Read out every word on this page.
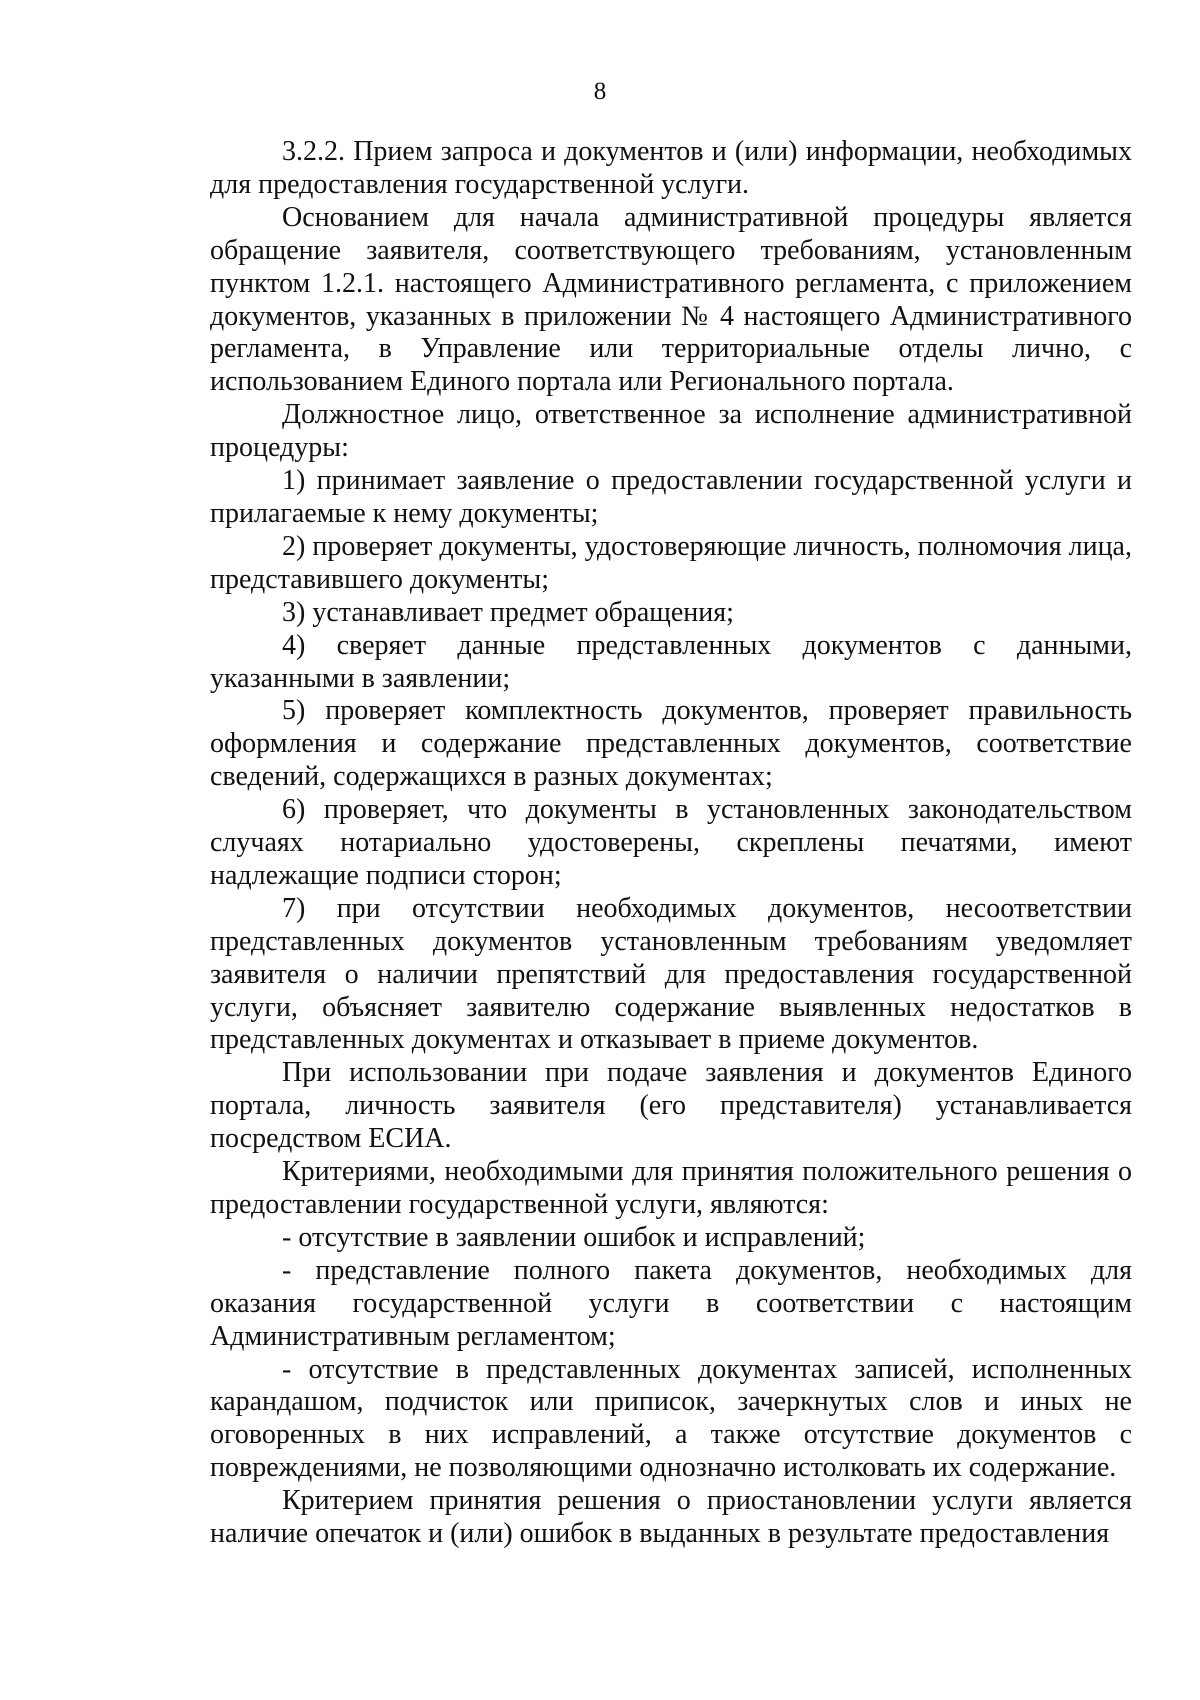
8

3.2.2. Прием запроса и документов и (или) информации, необходимых для предоставления государственной услуги.

Основанием для начала административной процедуры является обращение заявителя, соответствующего требованиям, установленным пунктом 1.2.1. настоящего Административного регламента, с приложением документов, указанных в приложении № 4 настоящего Административного регламента, в Управление или территориальные отделы лично, с использованием Единого портала или Регионального портала.

Должностное лицо, ответственное за исполнение административной процедуры:

1) принимает заявление о предоставлении государственной услуги и прилагаемые к нему документы;

2) проверяет документы, удостоверяющие личность, полномочия лица, представившего документы;

3) устанавливает предмет обращения;

4) сверяет данные представленных документов с данными, указанными в заявлении;

5) проверяет комплектность документов, проверяет правильность оформления и содержание представленных документов, соответствие сведений, содержащихся в разных документах;

6) проверяет, что документы в установленных законодательством случаях нотариально удостоверены, скреплены печатями, имеют надлежащие подписи сторон;

7) при отсутствии необходимых документов, несоответствии представленных документов установленным требованиям уведомляет заявителя о наличии препятствий для предоставления государственной услуги, объясняет заявителю содержание выявленных недостатков в представленных документах и отказывает в приеме документов.

При использовании при подаче заявления и документов Единого портала, личность заявителя (его представителя) устанавливается посредством ЕСИА.

Критериями, необходимыми для принятия положительного решения о предоставлении государственной услуги, являются:

- отсутствие в заявлении ошибок и исправлений;

- представление полного пакета документов, необходимых для оказания государственной услуги в соответствии с настоящим Административным регламентом;

- отсутствие в представленных документах записей, исполненных карандашом, подчисток или приписок, зачеркнутых слов и иных не оговоренных в них исправлений, а также отсутствие документов с повреждениями, не позволяющими однозначно истолковать их содержание.

Критерием принятия решения о приостановлении услуги является наличие опечаток и (или) ошибок в выданных в результате предоставления
